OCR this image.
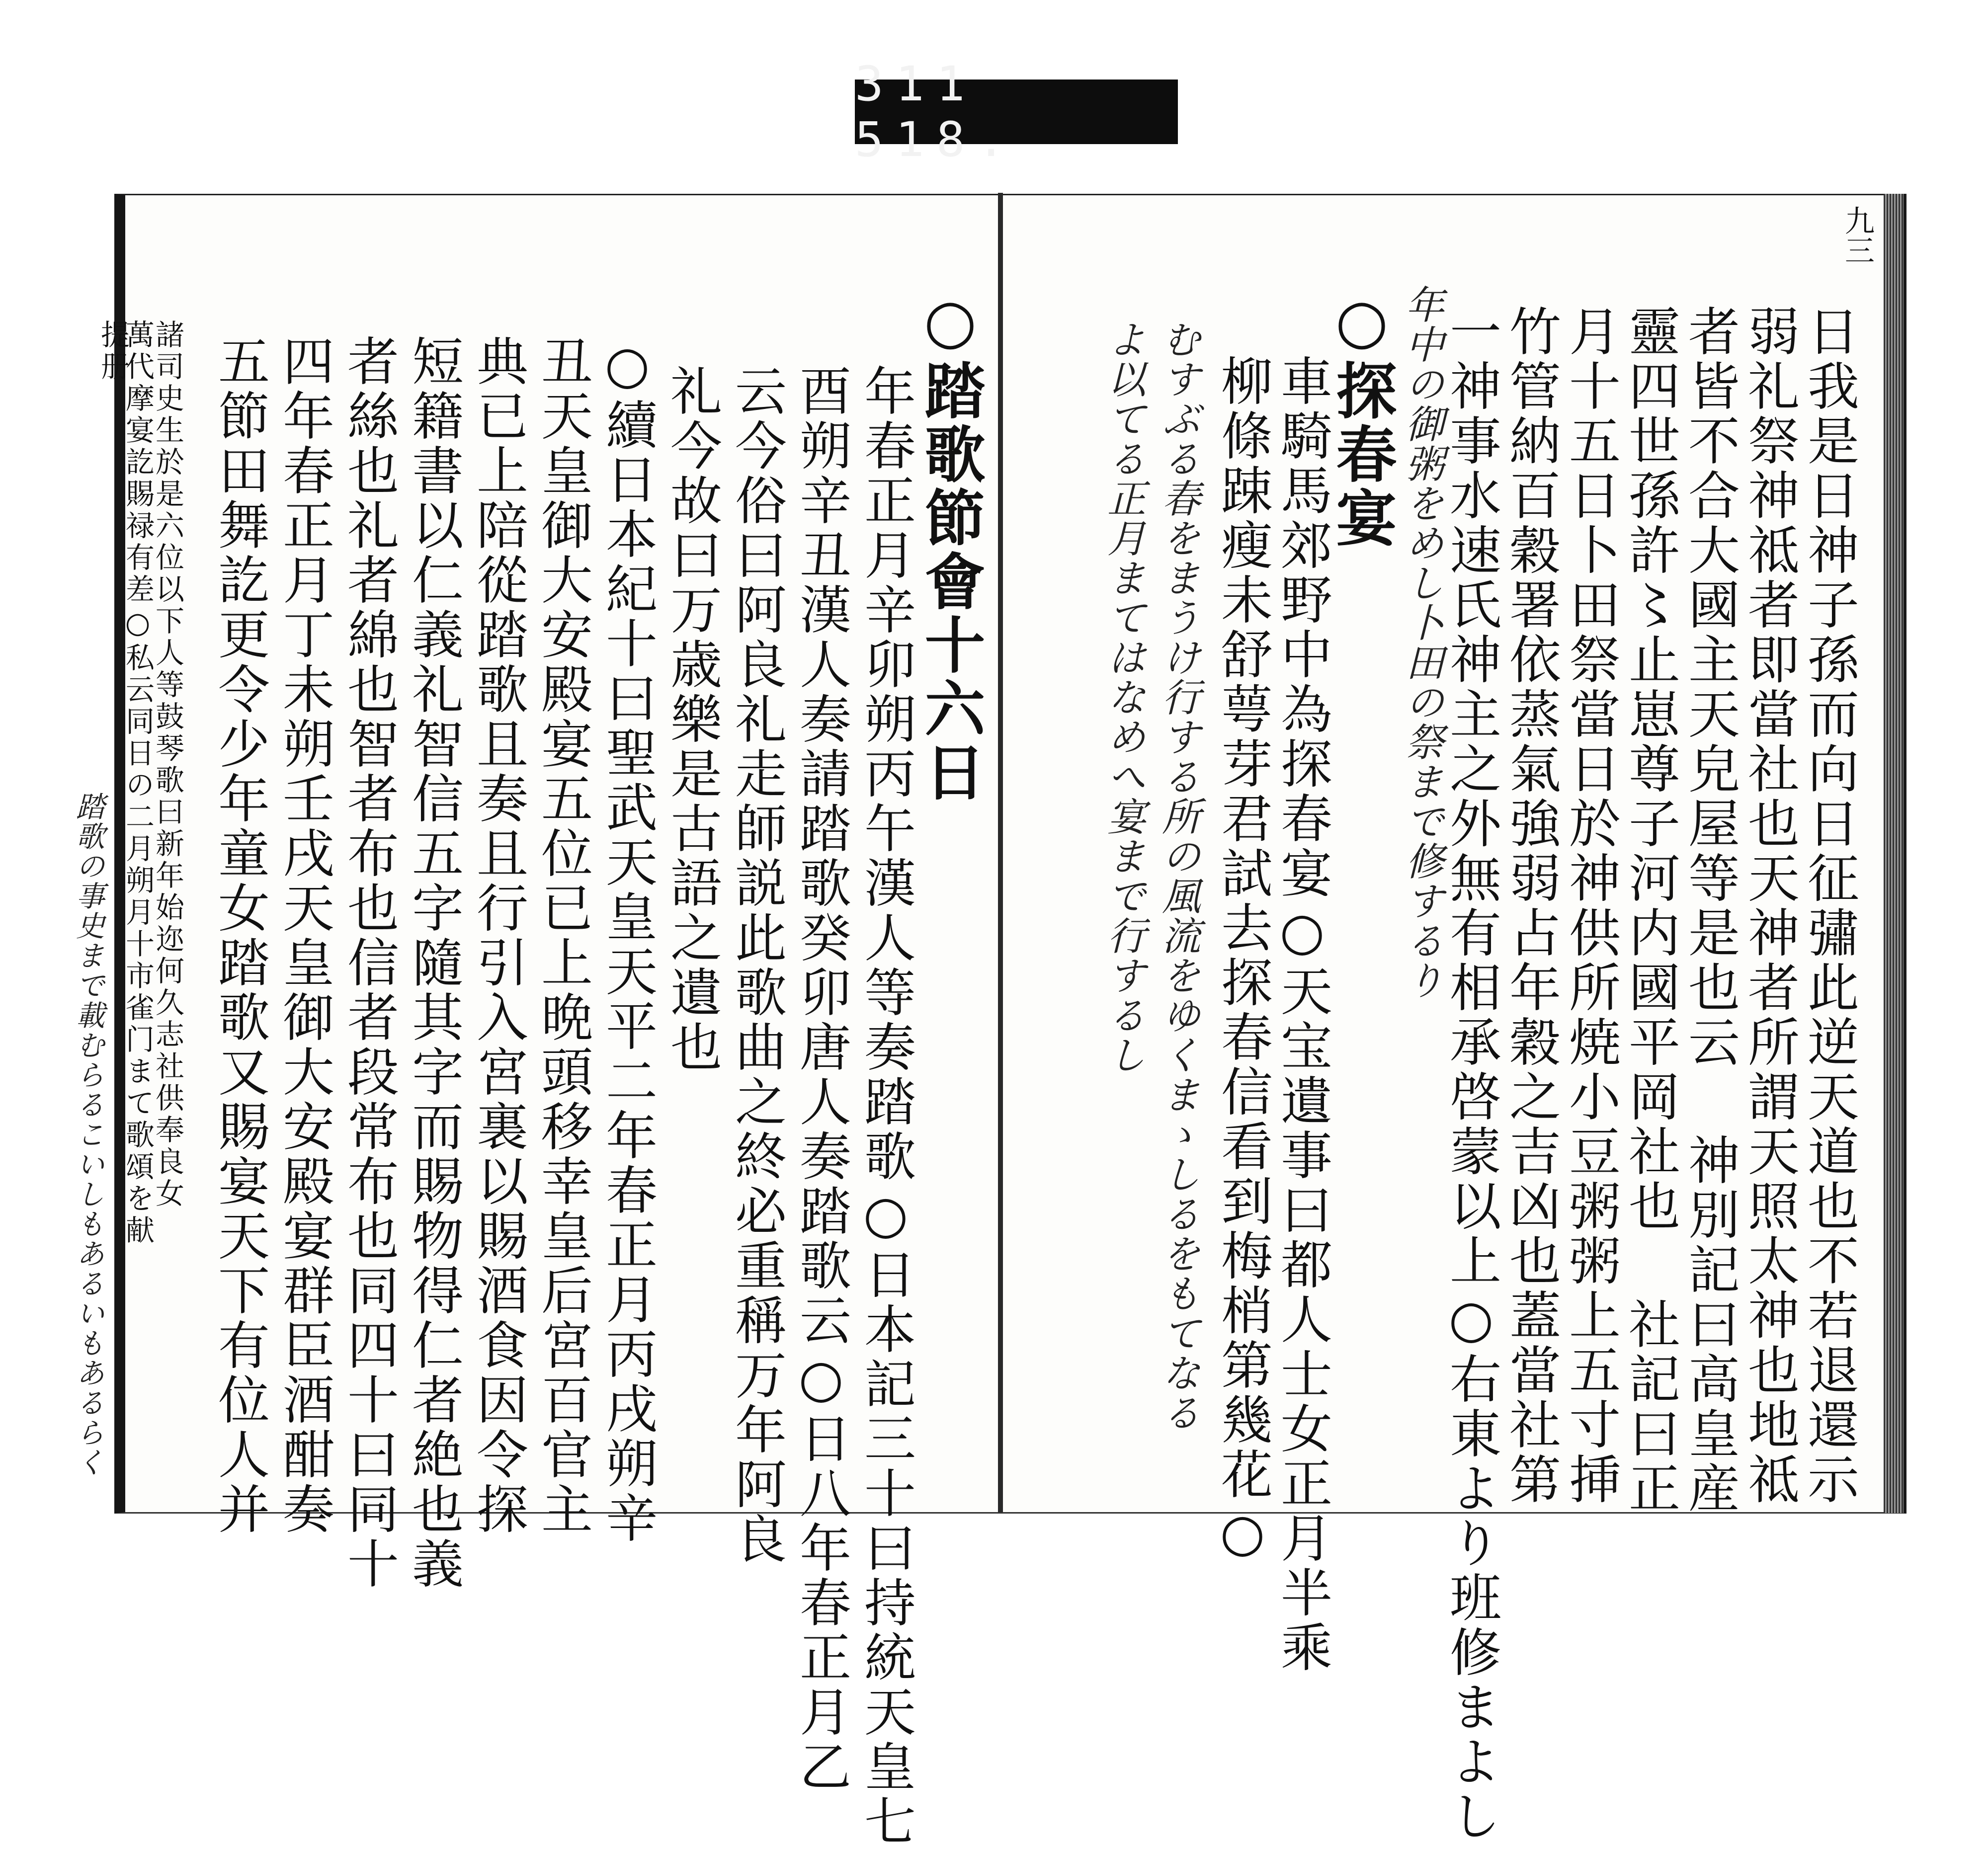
311 518.
○踏歌節會十六日
年春正月辛卯朔丙午漢人等奏踏歌○日本記三十曰持統天皇七
酉朔辛丑漢人奏請踏歌癸卯唐人奏踏歌云○日八年春正月乙
云今俗曰阿良礼走師説此歌曲之終必重稱万年阿良
礼今故曰万歳樂是古語之遺也
○續日本紀十曰聖武天皇天平二年春正月丙戌朔辛
丑天皇御大安殿宴五位已上晩頭移幸皇后宮百官主
典已上陪從踏歌且奏且行引入宮裏以賜酒食因令探
短籍書以仁義礼智信五字隨其字而賜物得仁者絶也義
者絲也礼者綿也智者布也信者段常布也同四十曰同十
四年春正月丁未朔壬戌天皇御大安殿宴群臣酒酣奏
五節田舞訖更令少年童女踏歌又賜宴天下有位人并
諸司史生於是六位以下人等鼓琴歌曰新年始迩何久志社供奉良女
萬代摩宴訖賜禄有差○私云同日の二月朔月十市雀门まて歌頌を献
提册
踏歌の事史まで載むらるこいしもあるいもあるらく
九三
日我是日神子孫而向日征彇此逆天道也不若退還示
弱礼祭神祗者即當社也天神者所謂天照太神也地祗
者皆不合大國主天皃屋等是也云 神別記曰高皇産
靈四世孫許〻止崽尊子河内國平岡社也 社記曰正
月十五日卜田祭當日於神供所焼小豆粥粥上五寸挿
竹管納百穀署依蒸氣強弱占年穀之吉凶也蓋當社第
一神事水速氏神主之外無有相承啓蒙以上○右東より班修まよし
年中の御粥をめし卜田の祭まで修するり
○探春宴
車騎馬郊野中為探春宴○天宝遺事曰都人士女正月半乘
柳條踈瘦未舒萼芽君試去探春信看到梅梢第幾花○
むすぶる春をまうけ行する所の風流をゆくまゝしるをもてなる
よ以てる正月まてはなめへ宴まで行するし
